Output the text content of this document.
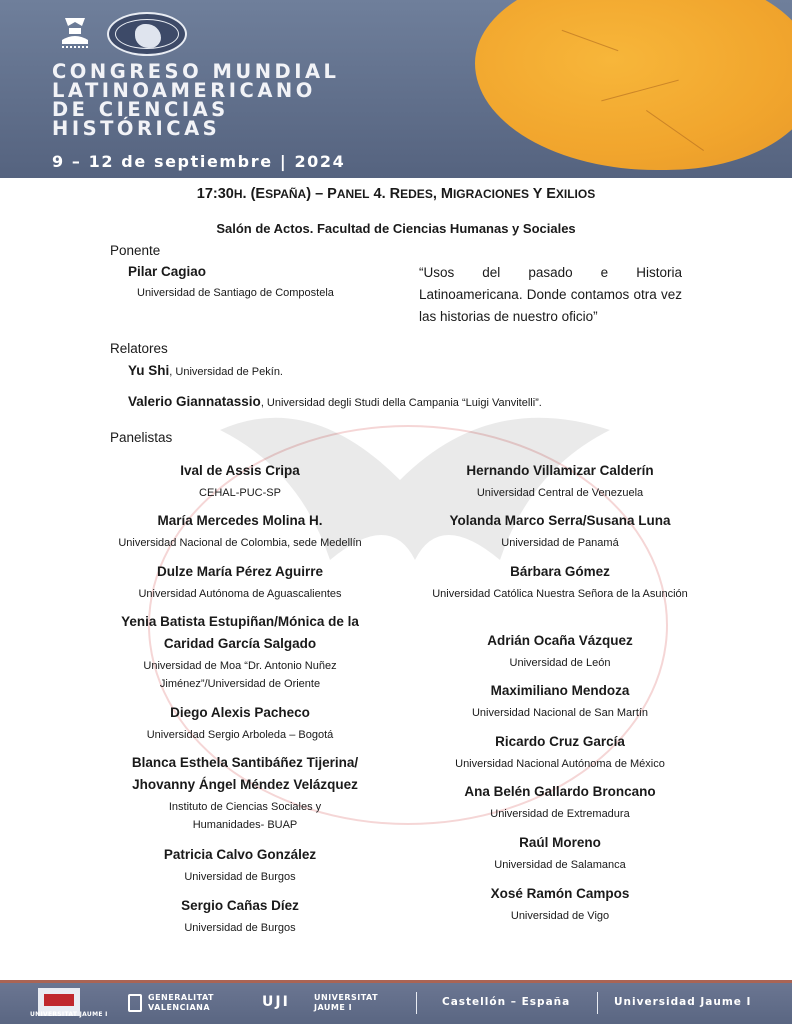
CONGRESO MUNDIAL
LATINOAMERICANO
DE CIENCIAS
HISTÓRICAS
9 – 12 de septiembre | 2024
17:30H. (ESPAÑA) – PANEL 4. REDES, MIGRACIONES Y EXILIOS
Salón de Actos. Facultad de Ciencias Humanas y Sociales
Ponente
Pilar Cagiao
Universidad de Santiago de Compostela
“Usos del pasado e Historia Latinoamericana. Donde contamos otra vez las historias de nuestro oficio”
Relatores
Yu Shi, Universidad de Pekín.
Valerio Giannatassio, Universidad degli Studi della Campania “Luigi Vanvitelli”.
Panelistas
Ival de Assis Cripa
CEHAL-PUC-SP
María Mercedes Molina H.
Universidad Nacional de Colombia, sede Medellín
Dulze María Pérez Aguirre
Universidad Autónoma de Aguascalientes
Yenia Batista Estupiñan/Mónica de la Caridad García Salgado
Universidad de Moa “Dr. Antonio Nuñez Jiménez”/Universidad de Oriente
Diego Alexis Pacheco
Universidad Sergio Arboleda – Bogotá
Blanca Esthela Santibáñez Tijerina/ Jhovanny Ángel Méndez Velázquez
Instituto de Ciencias Sociales y Humanidades- BUAP
Patricia Calvo González
Universidad de Burgos
Sergio Cañas Díez
Universidad de Burgos
Hernando Villamizar Calderín
Universidad Central de Venezuela
Yolanda Marco Serra/Susana Luna
Universidad de Panamá
Bárbara Gómez
Universidad Católica Nuestra Señora de la Asunción
Adrián Ocaña Vázquez
Universidad de León
Maximiliano Mendoza
Universidad Nacional de San Martín
Ricardo Cruz García
Universidad Nacional Autónoma de México
Ana Belén Gallardo Broncano
Universidad de Extremadura
Raúl Moreno
Universidad de Salamanca
Xosé Ramón Campos
Universidad de Vigo
UNIVERSITAT JAUME I
GENERALITAT
VALENCIANA	UJI	UNIVERSITAT
JAUME I	Castellón – España	Universidad Jaume I
